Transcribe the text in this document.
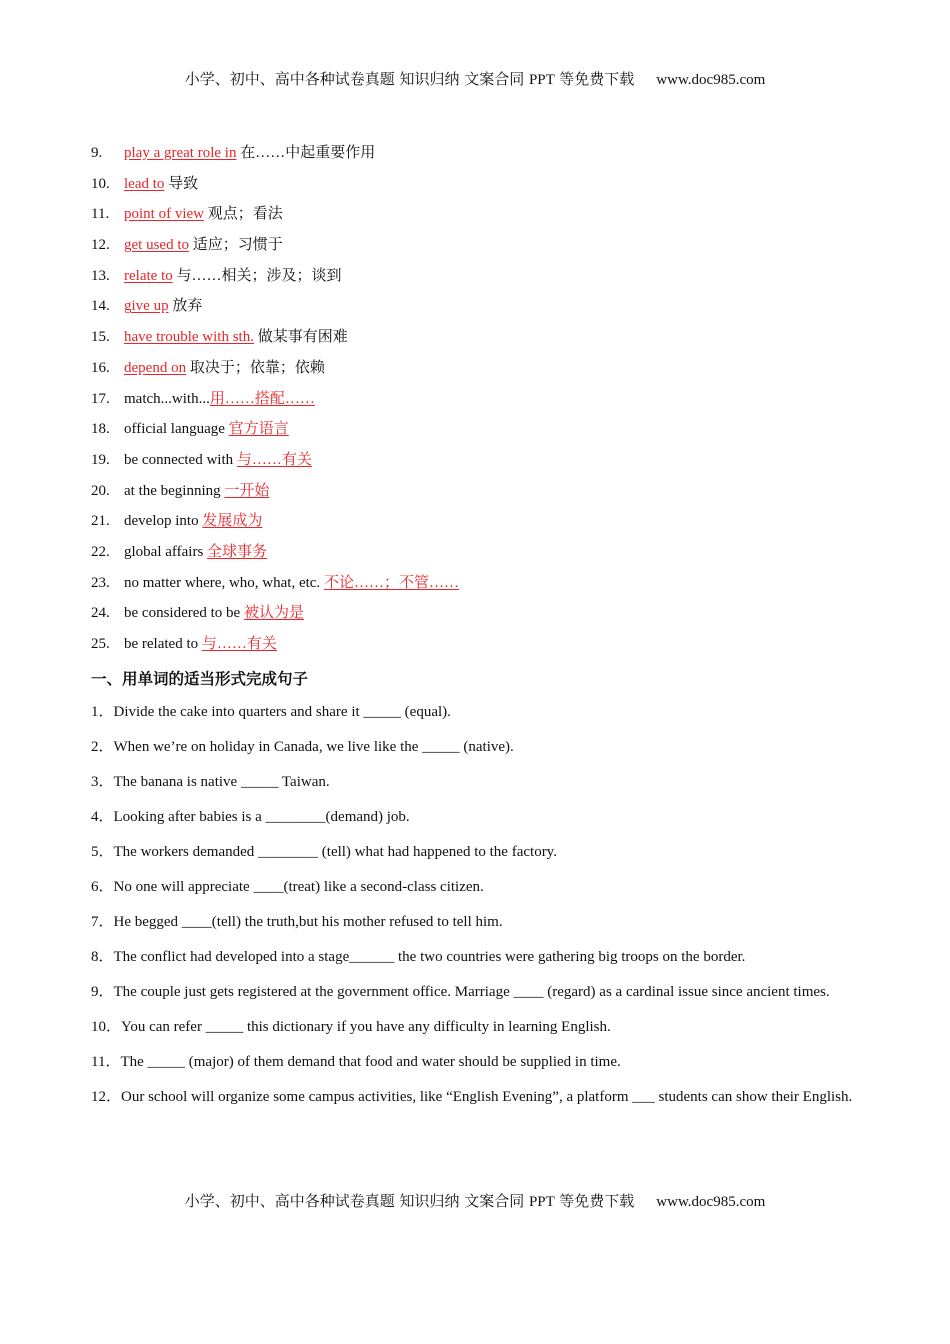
小学、初中、高中各种试卷真题 知识归纳 文案合同 PPT 等免费下载 www.doc985.com
9. play a great role in 在……中起重要作用
10. lead to 导致
11. point of view 观点；看法
12. get used to 适应；习惯于
13. relate to 与……相关；涉及；谈到
14. give up 放弃
15. have trouble with sth. 做某事有困难
16. depend on 取决于；依靠；依赖
17. match...with...用……搭配……
18. official language 官方语言
19. be connected with 与……有关
20. at the beginning 一开始
21. develop into 发展成为
22. global affairs 全球事务
23. no matter where, who, what, etc. 不论……；不管……
24. be considered to be 被认为是
25. be related to 与……有关
一、用单词的适当形式完成句子
1．Divide the cake into quarters and share it _____ (equal).
2．When we’re on holiday in Canada, we live like the _____ (native).
3．The banana is native _____ Taiwan.
4．Looking after babies is a ________(demand) job.
5．The workers demanded ________ (tell) what had happened to the factory.
6．No one will appreciate ____(treat) like a second-class citizen.
7．He begged ____(tell) the truth,but his mother refused to tell him.
8．The conflict had developed into a stage______ the two countries were gathering big troops on the border.
9．The couple just gets registered at the government office. Marriage ____ (regard) as a cardinal issue since ancient times.
10．You can refer _____ this dictionary if you have any difficulty in learning English.
11．The _____ (major) of them demand that food and water should be supplied in time.
12．Our school will organize some campus activities, like “English Evening”, a platform ___ students can show their English.
小学、初中、高中各种试卷真题 知识归纳 文案合同 PPT 等免费下载 www.doc985.com
